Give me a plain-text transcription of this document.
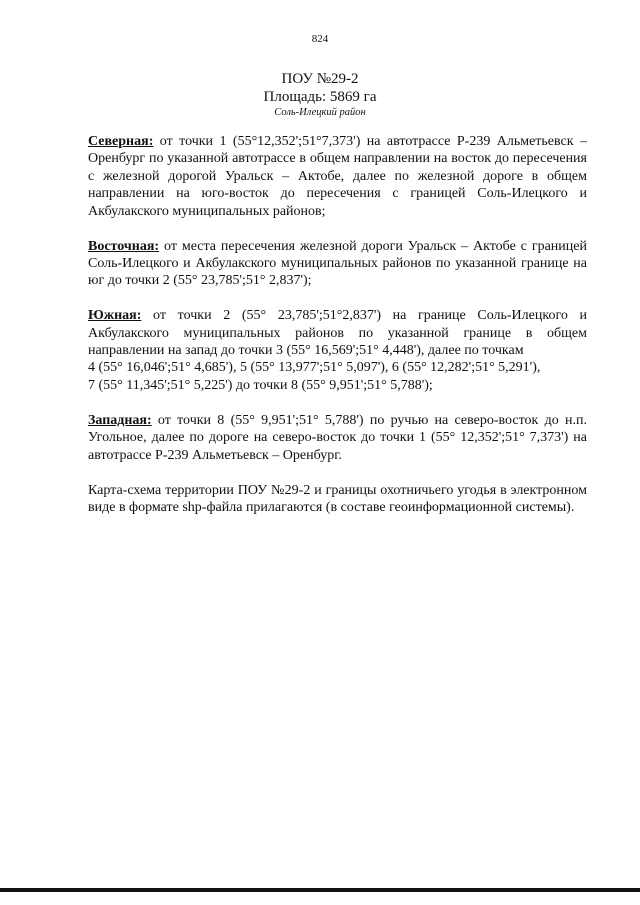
824
ПОУ №29-2
Площадь: 5869 га
Соль-Илецкий район

Северная: от точки 1 (55°12,352';51°7,373') на автотрассе Р-239 Альметьевск – Оренбург по указанной автотрассе в общем направлении на восток до пересечения с железной дорогой Уральск – Актобе, далее по железной дороге в общем направлении на юго-восток до пересечения с границей Соль-Илецкого и Акбулакского муниципальных районов;

Восточная: от места пересечения железной дороги Уральск – Актобе с границей Соль-Илецкого и Акбулакского муниципальных районов по указанной границе на юг до точки 2 (55° 23,785';51° 2,837');

Южная: от точки 2 (55° 23,785';51°2,837') на границе Соль-Илецкого и Акбулакского муниципальных районов по указанной границе в общем направлении на запад до точки 3 (55° 16,569';51° 4,448'), далее по точкам
4 (55° 16,046';51° 4,685'), 5 (55° 13,977';51° 5,097'), 6 (55° 12,282';51° 5,291'),
7 (55° 11,345';51° 5,225') до точки 8 (55° 9,951';51° 5,788');

Западная: от точки 8 (55° 9,951';51° 5,788') по ручью на северо-восток до н.п. Угольное, далее по дороге на северо-восток до точки 1 (55° 12,352';51° 7,373') на автотрассе Р-239 Альметьевск – Оренбург.

Карта-схема территории ПОУ №29-2 и границы охотничьего угодья в электронном виде в формате shp-файла прилагаются (в составе геоинформационной системы).
